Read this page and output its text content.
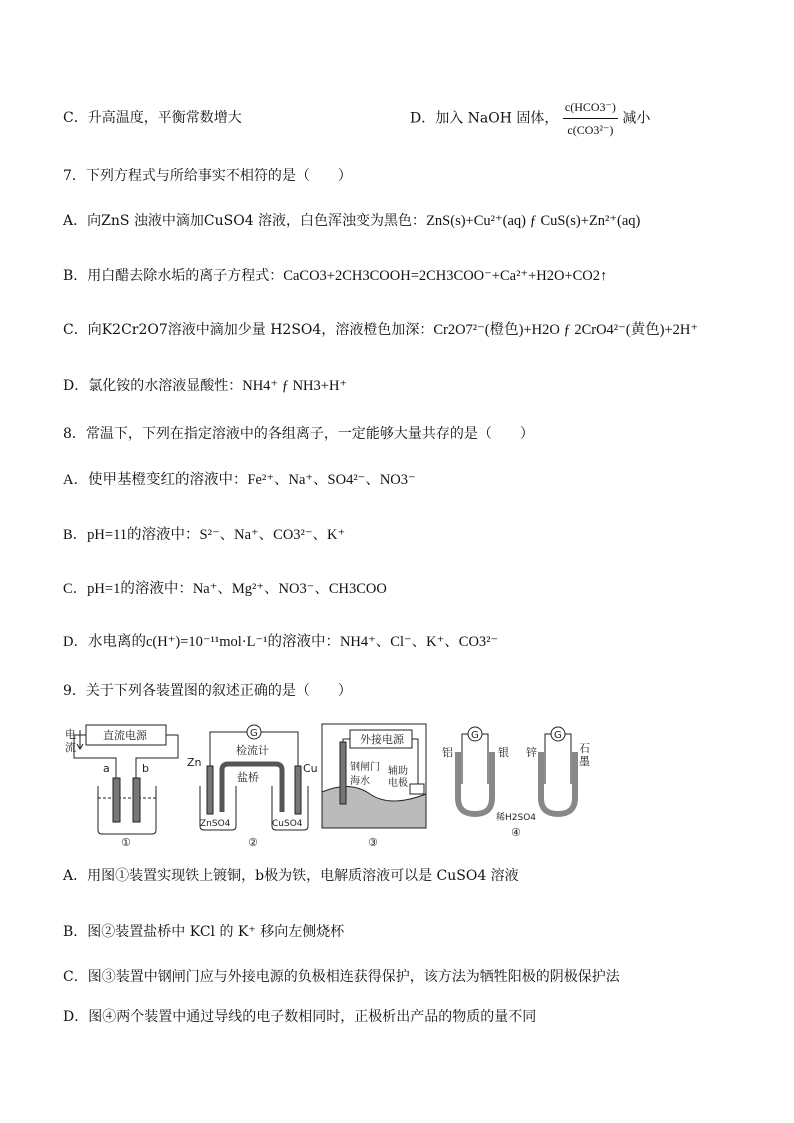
C．升高温度，平衡常数增大	D．加入 NaOH 固体， $\frac{\text{c(HCO3⁻)}}{\text{c(CO3²⁻)}}$ 减小
7．下列方程式与所给事实不相符的是（　　）
A．向ZnS 浊液中滴加CuSO4 溶液，白色浑浊变为黑色：ZnS(s)+Cu²⁺(aq) ƒ CuS(s)+Zn²⁺(aq)
B．用白醋去除水垢的离子方程式：CaCO3+2CH3COOH=2CH3COO⁻+Ca²⁺+H2O+CO2↑
C．向K2Cr2O7溶液中滴加少量 H2SO4，溶液橙色加深：Cr2O7²⁻(橙色)+H2O ƒ 2CrO4²⁻(黄色)+2H⁺
D．氯化铵的水溶液显酸性：NH4⁺ ƒ NH3+H⁺
8．常温下，下列在指定溶液中的各组离子，一定能够大量共存的是（　　）
A．使甲基橙变红的溶液中：Fe²⁺、Na⁺、SO4²⁻、NO3⁻
B．pH=11的溶液中：S²⁻、Na⁺、CO3²⁻、K⁺
C．pH=1的溶液中：Na⁺、Mg²⁺、NO3⁻、CH3COO
D．水电离的c(H⁺)=10⁻¹¹mol·L⁻¹的溶液中：NH4⁺、Cl⁻、K⁺、CO3²⁻
9．关于下列各装置图的叙述正确的是（　　）
电
流
直流电源
a	b
①
G
检流计
Zn	Cu
盐桥
ZnSO4	CuSO4
②
外接电源
钢闸门
海水
辅助
电极
③
G
铝	银
G
锌	石
墨
稀H2SO4
④
A．用图①装置实现铁上镀铜，b极为铁，电解质溶液可以是 CuSO4 溶液
B．图②装置盐桥中 KCl 的 K⁺ 移向左侧烧杯
C．图③装置中钢闸门应与外接电源的负极相连获得保护，该方法为牺牲阳极的阴极保护法
D．图④两个装置中通过导线的电子数相同时，正极析出产品的物质的量不同
